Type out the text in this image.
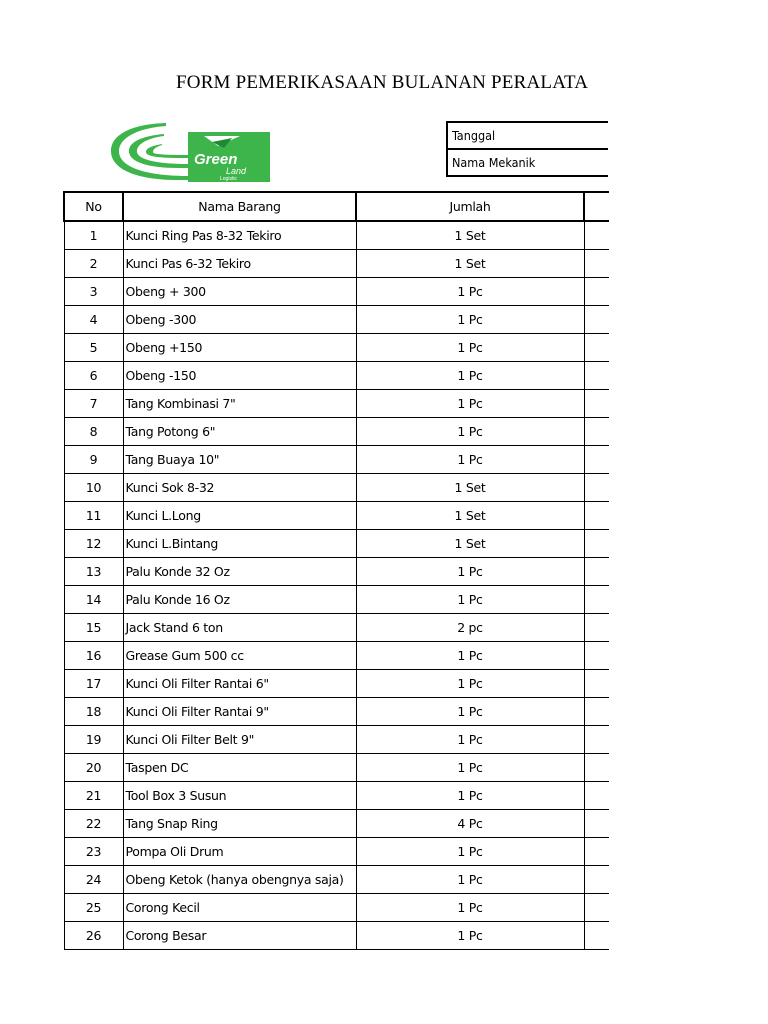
FORM PEMERIKASAAN BULANAN PERALATA
Green
Land
Logistic
Tanggal
Nama Mekanik
No	Nama Barang	Jumlah	
1	Kunci Ring Pas 8-32 Tekiro	1 Set	
2	Kunci Pas 6-32 Tekiro	1 Set	
3	Obeng + 300	1 Pc	
4	Obeng -300	1 Pc	
5	Obeng +150	1 Pc	
6	Obeng -150	1 Pc	
7	Tang Kombinasi 7"	1 Pc	
8	Tang Potong 6"	1 Pc	
9	Tang Buaya 10"	1 Pc	
10	Kunci Sok 8-32	1 Set	
11	Kunci L.Long	1 Set	
12	Kunci L.Bintang	1 Set	
13	Palu Konde 32 Oz	1 Pc	
14	Palu Konde 16 Oz	1 Pc	
15	Jack Stand 6 ton	2 pc	
16	Grease Gum 500 cc	1 Pc	
17	Kunci Oli Filter Rantai 6"	1 Pc	
18	Kunci Oli Filter Rantai 9"	1 Pc	
19	Kunci Oli Filter Belt 9"	1 Pc	
20	Taspen DC	1 Pc	
21	Tool Box 3 Susun	1 Pc	
22	Tang Snap Ring	4 Pc	
23	Pompa Oli Drum	1 Pc	
24	Obeng Ketok (hanya obengnya saja)	1 Pc	
25	Corong Kecil	1 Pc	
26	Corong Besar	1 Pc	
